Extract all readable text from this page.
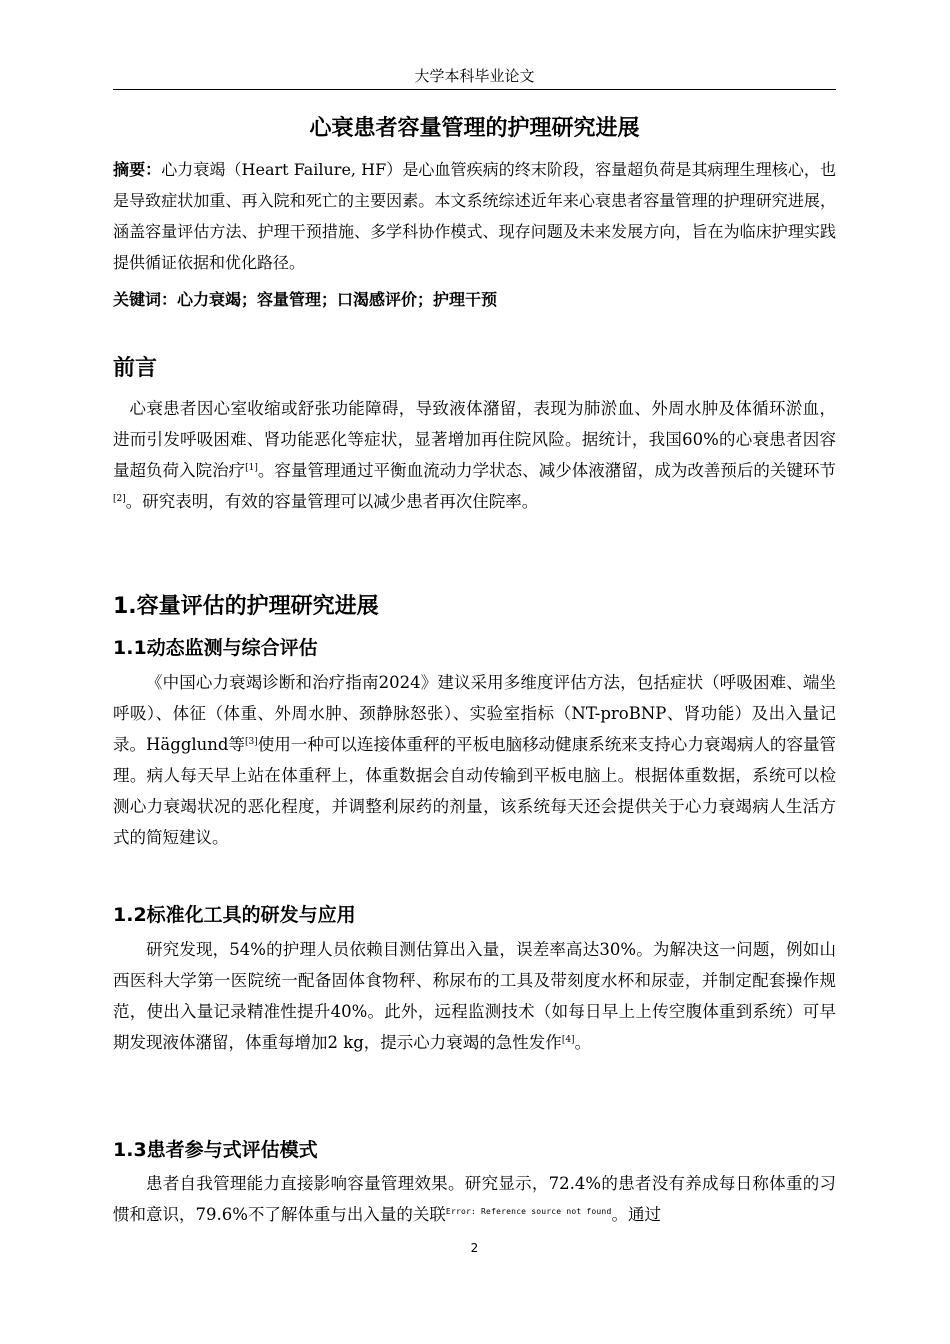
大学本科毕业论文
心衰患者容量管理的护理研究进展
摘要：心力衰竭（Heart Failure, HF）是心血管疾病的终末阶段，容量超负荷是其病理生理核心，也是导致症状加重、再入院和死亡的主要因素。本文系统综述近年来心衰患者容量管理的护理研究进展，涵盖容量评估方法、护理干预措施、多学科协作模式、现存问题及未来发展方向，旨在为临床护理实践提供循证依据和优化路径。
关键词：心力衰竭；容量管理；口渴感评价；护理干预
前言
心衰患者因心室收缩或舒张功能障碍，导致液体潴留，表现为肺淤血、外周水肿及体循环淤血，进而引发呼吸困难、肾功能恶化等症状，显著增加再住院风险。据统计，我国60%的心衰患者因容量超负荷入院治疗[1]。容量管理通过平衡血流动力学状态、减少体液潴留，成为改善预后的关键环节[2]。研究表明，有效的容量管理可以减少患者再次住院率。
1.容量评估的护理研究进展
1.1动态监测与综合评估
《中国心力衰竭诊断和治疗指南2024》建议采用多维度评估方法，包括症状（呼吸困难、端坐呼吸）、体征（体重、外周水肿、颈静脉怒张）、实验室指标（NT-proBNP、肾功能）及出入量记录。Hägglund等[3]使用一种可以连接体重秤的平板电脑移动健康系统来支持心力衰竭病人的容量管理。病人每天早上站在体重秤上，体重数据会自动传输到平板电脑上。根据体重数据，系统可以检测心力衰竭状况的恶化程度，并调整利尿药的剂量，该系统每天还会提供关于心力衰竭病人生活方式的简短建议。
1.2标准化工具的研发与应用
研究发现，54%的护理人员依赖目测估算出入量，误差率高达30%。为解决这一问题，例如山西医科大学第一医院统一配备固体食物秤、称尿布的工具及带刻度水杯和尿壶，并制定配套操作规范，使出入量记录精准性提升40%。此外，远程监测技术（如每日早上上传空腹体重到系统）可早期发现液体潴留，体重每增加2 kg，提示心力衰竭的急性发作[4]。
1.3患者参与式评估模式
患者自我管理能力直接影响容量管理效果。研究显示，72.4%的患者没有养成每日称体重的习惯和意识，79.6%不了解体重与出入量的关联$^{Error: Reference source not found}$。通过
2
